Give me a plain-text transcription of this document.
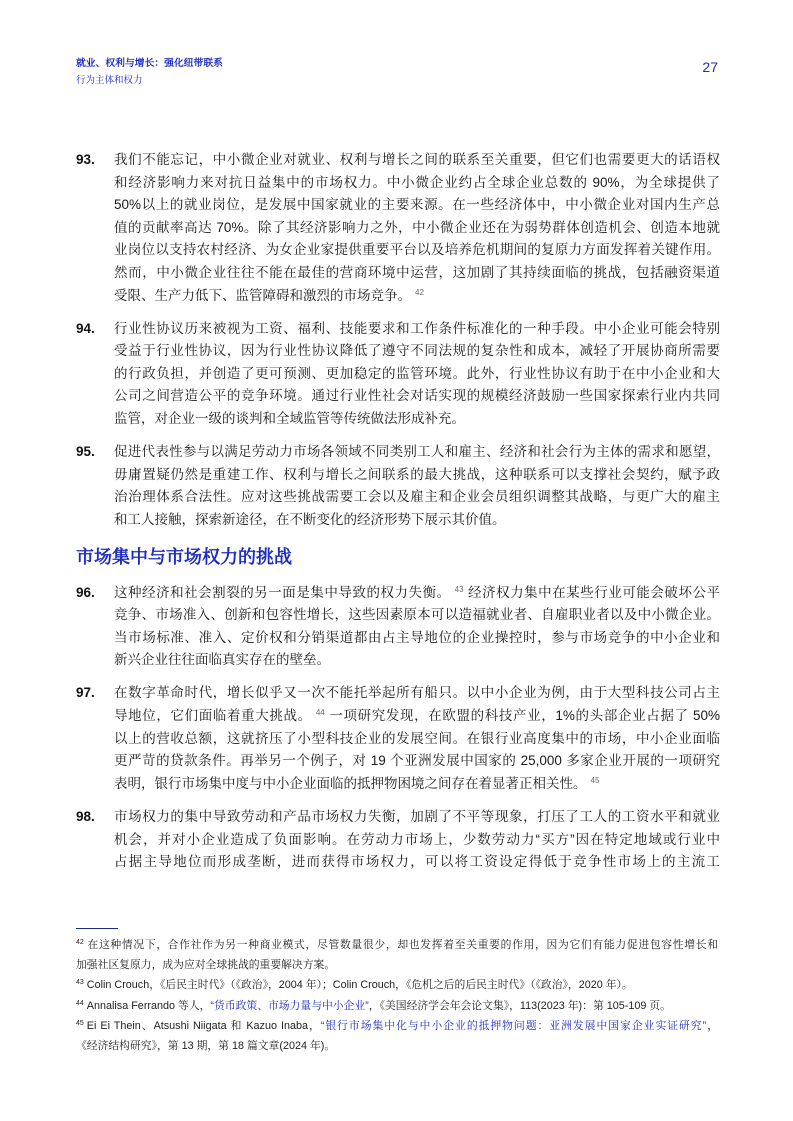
就业、权利与增长：强化纽带联系
行为主体和权力
27
93.	我们不能忘记，中小微企业对就业、权利与增长之间的联系至关重要，但它们也需要更大的话语权
和经济影响力来对抗日益集中的市场权力。中小微企业约占全球企业总数的 90%，为全球提供了
50%以上的就业岗位，是发展中国家就业的主要来源。在一些经济体中，中小微企业对国内生产总
值的贡献率高达 70%。除了其经济影响力之外，中小微企业还在为弱势群体创造机会、创造本地就
业岗位以支持农村经济、为女企业家提供重要平台以及培养危机期间的复原力方面发挥着关键作用。
然而，中小微企业往往不能在最佳的营商环境中运营，这加剧了其持续面临的挑战，包括融资渠道
受限、生产力低下、监管障碍和激烈的市场竞争。 $^{42}$
94.	行业性协议历来被视为工资、福利、技能要求和工作条件标准化的一种手段。中小企业可能会特别
受益于行业性协议，因为行业性协议降低了遵守不同法规的复杂性和成本，减轻了开展协商所需要
的行政负担，并创造了更可预测、更加稳定的监管环境。此外，行业性协议有助于在中小企业和大
公司之间营造公平的竞争环境。通过行业性社会对话实现的规模经济鼓励一些国家探索行业内共同
监管，对企业一级的谈判和全域监管等传统做法形成补充。
95.	促进代表性参与以满足劳动力市场各领域不同类别工人和雇主、经济和社会行为主体的需求和愿望，
毋庸置疑仍然是重建工作、权利与增长之间联系的最大挑战，这种联系可以支撑社会契约，赋予政
治治理体系合法性。应对这些挑战需要工会以及雇主和企业会员组织调整其战略，与更广大的雇主
和工人接触，探索新途径，在不断变化的经济形势下展示其价值。
市场集中与市场权力的挑战
96.	这种经济和社会割裂的另一面是集中导致的权力失衡。 $^{43}$ 经济权力集中在某些行业可能会破坏公平
竞争、市场准入、创新和包容性增长，这些因素原本可以造福就业者、自雇职业者以及中小微企业。
当市场标准、准入、定价权和分销渠道都由占主导地位的企业操控时，参与市场竞争的中小企业和
新兴企业往往面临真实存在的壁垒。
97.	在数字革命时代，增长似乎又一次不能托举起所有船只。以中小企业为例，由于大型科技公司占主
导地位，它们面临着重大挑战。 $^{44}$ 一项研究发现，在欧盟的科技产业，1%的头部企业占据了 50%
以上的营收总额，这就挤压了小型科技企业的发展空间。在银行业高度集中的市场，中小企业面临
更严苛的贷款条件。再举另一个例子，对 19 个亚洲发展中国家的 25,000 多家企业开展的一项研究
表明，银行市场集中度与中小企业面临的抵押物困境之间存在着显著正相关性。 $^{45}$
98.	市场权力的集中导致劳动和产品市场权力失衡，加剧了不平等现象，打压了工人的工资水平和就业
机会，并对小企业造成了负面影响。在劳动力市场上，少数劳动力“买方”因在特定地域或行业中
占据主导地位而形成垄断，进而获得市场权力，可以将工资设定得低于竞争性市场上的主流工
$^{42}$ 在这种情况下，合作社作为另一种商业模式，尽管数量很少，却也发挥着至关重要的作用，因为它们有能力促进包容性增长和
加强社区复原力，成为应对全球挑战的重要解决方案。
$^{43}$ Colin Crouch，《后民主时代》（《政治》，2004 年）；Colin Crouch，《危机之后的后民主时代》（《政治》，2020 年）。
$^{44}$ Annalisa Ferrando 等人，“货币政策、市场力量与中小企业”，《美国经济学会年会论文集》，113(2023 年)：第 105-109 页。
$^{45}$ Ei Ei Thein、Atsushi Niigata 和 Kazuo Inaba，“银行市场集中化与中小企业的抵押物问题：亚洲发展中国家企业实证研究”，
《经济结构研究》，第 13 期，第 18 篇文章(2024 年)。
